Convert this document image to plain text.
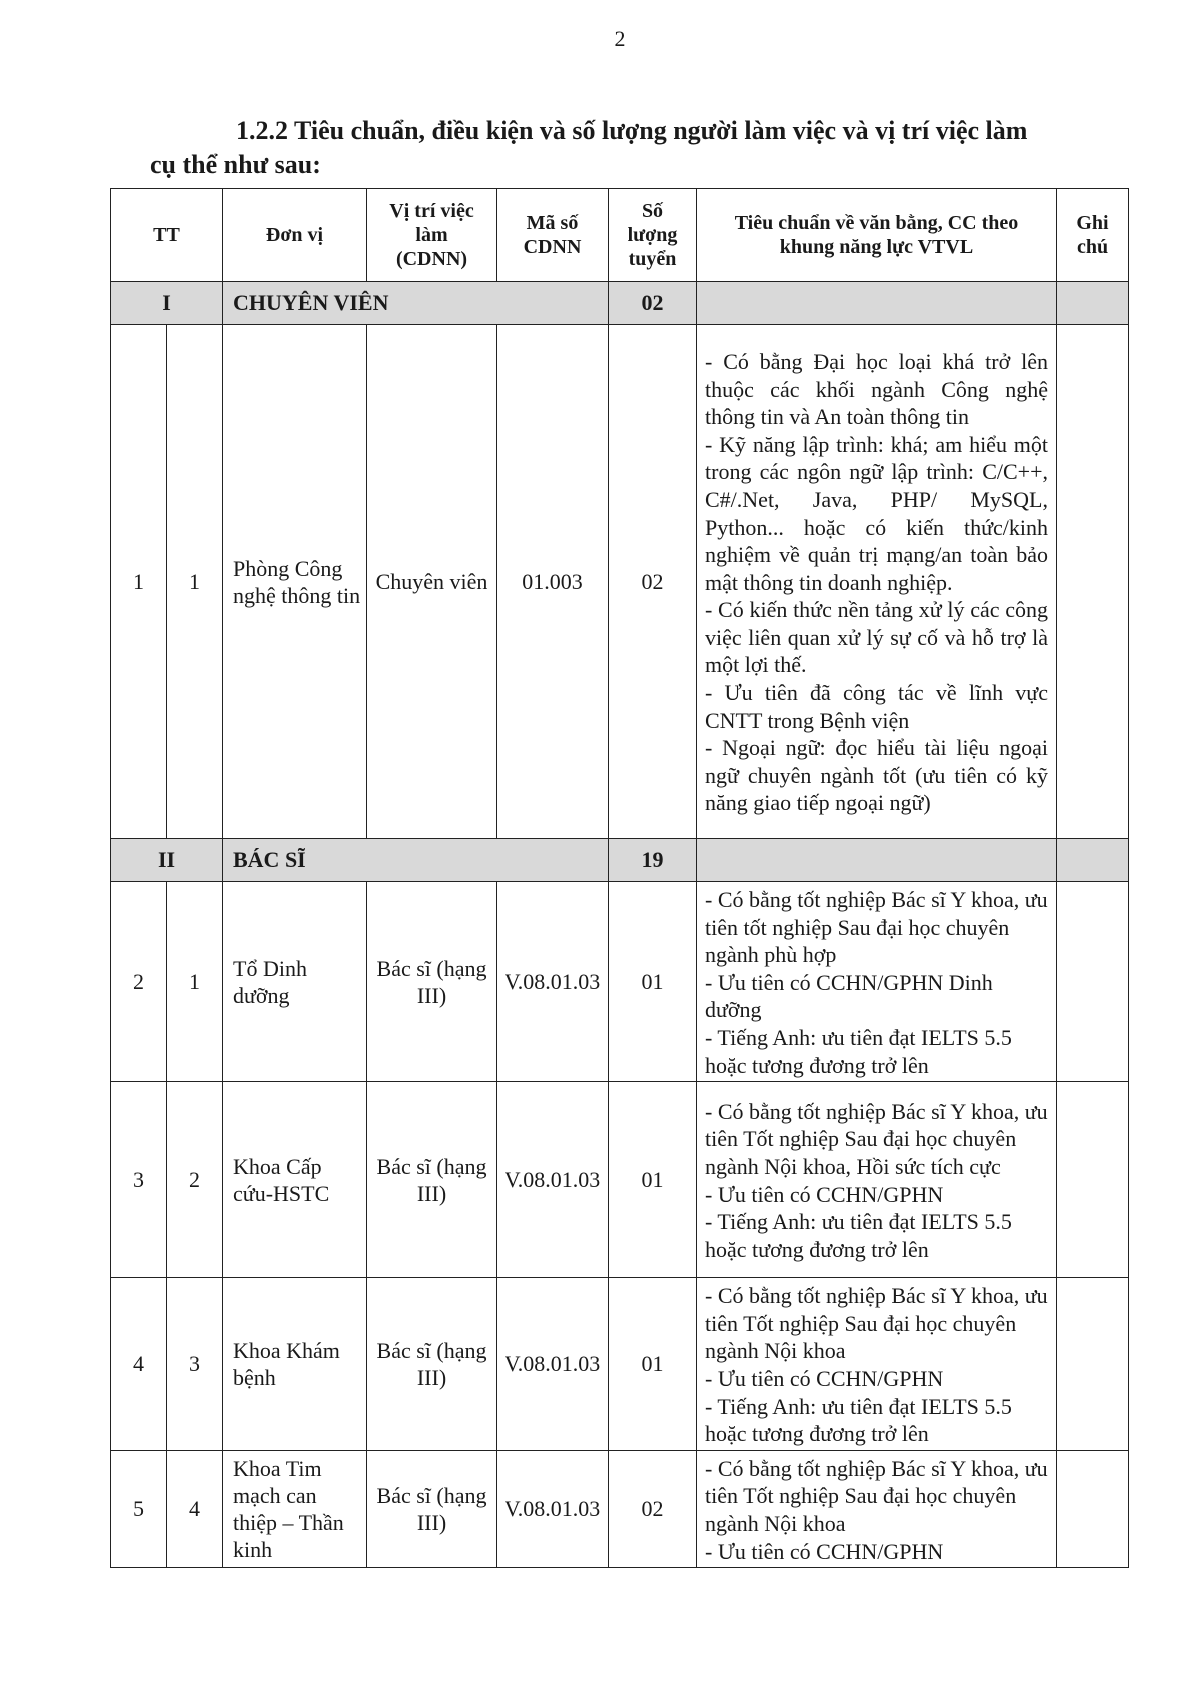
2
1.2.2 Tiêu chuẩn, điều kiện và số lượng người làm việc và vị trí việc làm
cụ thể như sau:
TT		Đơn vị	Vị trí việc làm (CDNN)	Mã số CDNN	Số lượng tuyển	Tiêu chuẩn về văn bằng, CC theo khung năng lực VTVL	Ghi chú
I		CHUYÊN VIÊN			02		
1	1	Phòng Công nghệ thông tin	Chuyên viên	01.003	02	- Có bằng Đại học loại khá trở lên thuộc các khối ngành Công nghệ thông tin và An toàn thông tin
- Kỹ năng lập trình: khá; am hiểu một trong các ngôn ngữ lập trình: C/C++, C#/.Net, Java, PHP/ MySQL, Python... hoặc có kiến thức/kinh nghiệm về quản trị mạng/an toàn bảo mật thông tin doanh nghiệp.
- Có kiến thức nền tảng xử lý các công việc liên quan xử lý sự cố và hỗ trợ là một lợi thế.
- Ưu tiên đã công tác về lĩnh vực CNTT trong Bệnh viện
- Ngoại ngữ: đọc hiểu tài liệu ngoại ngữ chuyên ngành tốt (ưu tiên có kỹ năng giao tiếp ngoại ngữ)	

II		BÁC SĨ			19		
2	1	Tổ Dinh dưỡng	Bác sĩ (hạng III)	V.08.01.03	01	- Có bằng tốt nghiệp Bác sĩ Y khoa, ưu tiên tốt nghiệp Sau đại học chuyên ngành phù hợp
- Ưu tiên có CCHN/GPHN Dinh dưỡng
- Tiếng Anh: ưu tiên đạt IELTS 5.5 hoặc tương đương trở lên	

3	2	Khoa Cấp cứu-HSTC	Bác sĩ (hạng III)	V.08.01.03	01	- Có bằng tốt nghiệp Bác sĩ Y khoa, ưu tiên Tốt nghiệp Sau đại học chuyên ngành Nội khoa, Hồi sức tích cực
- Ưu tiên có CCHN/GPHN
- Tiếng Anh: ưu tiên đạt IELTS 5.5 hoặc tương đương trở lên	

4	3	Khoa Khám bệnh	Bác sĩ (hạng III)	V.08.01.03	01	- Có bằng tốt nghiệp Bác sĩ Y khoa, ưu tiên Tốt nghiệp Sau đại học chuyên ngành Nội khoa
- Ưu tiên có CCHN/GPHN
- Tiếng Anh: ưu tiên đạt IELTS 5.5 hoặc tương đương trở lên	

5	4	Khoa Tim mạch can thiệp – Thần kinh	Bác sĩ (hạng III)	V.08.01.03	02	- Có bằng tốt nghiệp Bác sĩ Y khoa, ưu tiên Tốt nghiệp Sau đại học chuyên ngành Nội khoa
- Ưu tiên có CCHN/GPHN	
